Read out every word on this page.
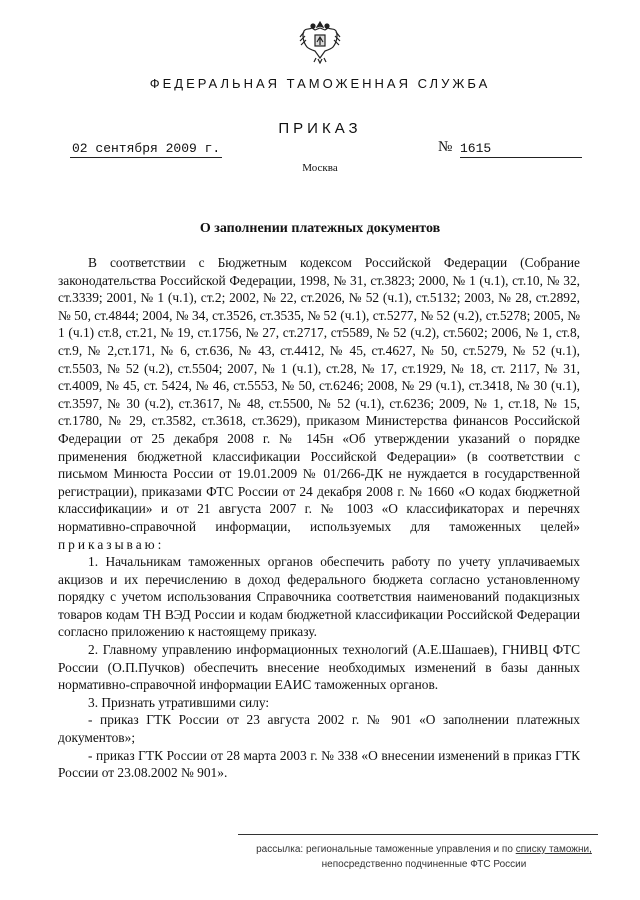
ФЕДЕРАЛЬНАЯ ТАМОЖЕННАЯ СЛУЖБА
ПРИКАЗ
02 сентября 2009 г.	№ 1615
Москва
О заполнении платежных документов

В соответствии с Бюджетным кодексом Российской Федерации (Собрание законодательства Российской Федерации, 1998, № 31, ст.3823; 2000, № 1 (ч.1), ст.10, № 32, ст.3339; 2001, № 1 (ч.1), ст.2; 2002, № 22, ст.2026, № 52 (ч.1), ст.5132; 2003, № 28, ст.2892, № 50, ст.4844; 2004, № 34, ст.3526, ст.3535, № 52 (ч.1), ст.5277, № 52 (ч.2), ст.5278; 2005, № 1 (ч.1) ст.8, ст.21, № 19, ст.1756, № 27, ст.2717, ст5589, № 52 (ч.2), ст.5602; 2006, № 1, ст.8, ст.9, № 2,ст.171, № 6, ст.636, № 43, ст.4412, № 45, ст.4627, № 50, ст.5279, № 52 (ч.1), ст.5503, № 52 (ч.2), ст.5504; 2007, № 1 (ч.1), ст.28, № 17, ст.1929, № 18, ст. 2117, № 31, ст.4009, № 45, ст. 5424, № 46, ст.5553, № 50, ст.6246; 2008, № 29 (ч.1), ст.3418, № 30 (ч.1), ст.3597, № 30 (ч.2), ст.3617, № 48, ст.5500, № 52 (ч.1), ст.6236; 2009, № 1, ст.18, № 15, ст.1780, № 29, ст.3582, ст.3618, ст.3629), приказом Министерства финансов Российской Федерации от 25 декабря 2008 г. № 145н «Об утверждении указаний о порядке применения бюджетной классификации Российской Федерации» (в соответствии с письмом Минюста России от 19.01.2009 № 01/266-ДК не нуждается в государственной регистрации), приказами ФТС России от 24 декабря 2008 г. № 1660 «О кодах бюджетной классификации» и от 21 августа 2007 г. № 1003 «О классификаторах и перечнях нормативно-справочной информации, используемых для таможенных целей» приказываю:

1. Начальникам таможенных органов обеспечить работу по учету уплачиваемых акцизов и их перечислению в доход федерального бюджета согласно установленному порядку с учетом использования Справочника соответствия наименований подакцизных товаров кодам ТН ВЭД России и кодам бюджетной классификации Российской Федерации согласно приложению к настоящему приказу.

2. Главному управлению информационных технологий (А.Е.Шашаев), ГНИВЦ ФТС России (О.П.Пучков) обеспечить внесение необходимых изменений в базы данных нормативно-справочной информации ЕАИС таможенных органов.

3. Признать утратившими силу:

- приказ ГТК России от 23 августа 2002 г. № 901 «О заполнении платежных документов»;

- приказ ГТК России от 28 марта 2003 г. № 338 «О внесении изменений в приказ ГТК России от 23.08.2002 № 901».

рассылка: региональные таможенные управления и по списку таможни,
непосредственно подчиненные ФТС России
